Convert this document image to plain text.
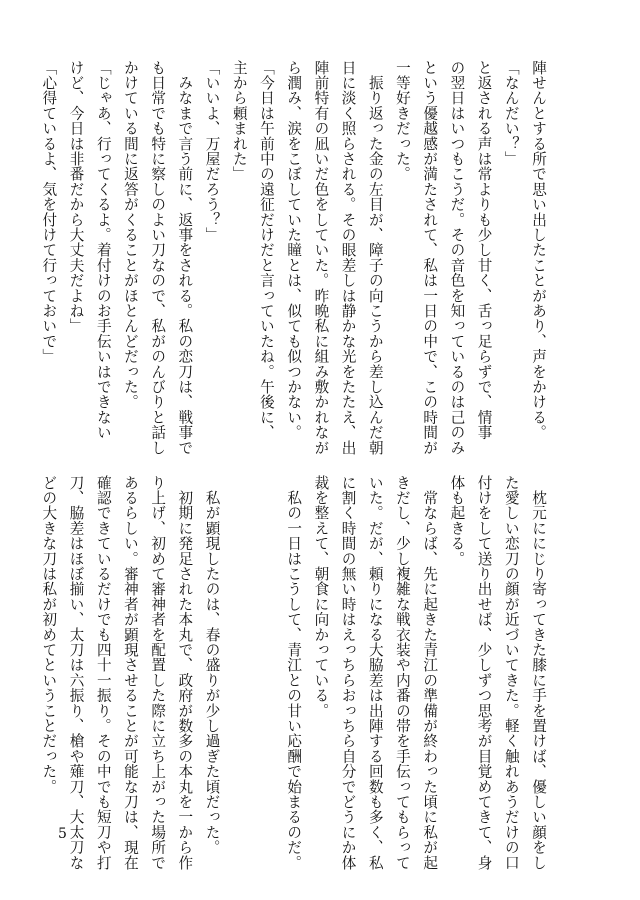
陣せんとする所で思い出したことがあり、声をかける。
「なんだい？」
と返される声は常よりも少し甘く、舌っ足らずで、情事
の翌日はいつもこうだ。その音色を知っているのは己のみ
という優越感が満たされて、私は一日の中で、この時間が
一等好きだった。
　振り返った金の左目が、障子の向こうから差し込んだ朝
日に淡く照らされる。その眼差しは静かな光をたたえ、出
陣前特有の凪いだ色をしていた。昨晩私に組み敷かれなが
ら潤み、涙をこぼしていた瞳とは、似ても似つかない。
「今日は午前中の遠征だけだと言っていたね。午後に、
主から頼まれた」
「いいよ、万屋だろう？」
　みなまで言う前に、返事をされる。私の恋刀は、戦事で
も日常でも特に察しのよい刀なので、私がのんびりと話し
かけている間に返答がくることがほとんどだった。
「じゃあ、行ってくるよ。着付けのお手伝いはできない
けど、今日は非番だから大丈夫だよね」
「心得ているよ、気を付けて行っておいで」
　枕元ににじり寄ってきた膝に手を置けば、優しい顔をし
た愛しい恋刀の顔が近づいてきた。軽く触れあうだけの口
付けをして送り出せば、少しずつ思考が目覚めてきて、身
体も起きる。
　常ならば、先に起きた青江の準備が終わった頃に私が起
きだし、少し複雑な戦衣装や内番の帯を手伝ってもらって
いた。だが、頼りになる大脇差は出陣する回数も多く、私
に割く時間の無い時はえっちらおっちら自分でどうにか体
裁を整えて、朝食に向かっている。
　私の一日はこうして、青江との甘い応酬で始まるのだ。

　私が顕現したのは、春の盛りが少し過ぎた頃だった。
　初期に発足された本丸で、政府が数多の本丸を一から作
り上げ、初めて審神者を配置した際に立ち上がった場所で
あるらしい。審神者が顕現させることが可能な刀は、現在
確認できているだけでも四十一振り。その中でも短刀や打
刀、脇差はほぼ揃い、太刀は六振り、槍や薙刀、大太刀な
どの大きな刀は私が初めてということだった。
5
